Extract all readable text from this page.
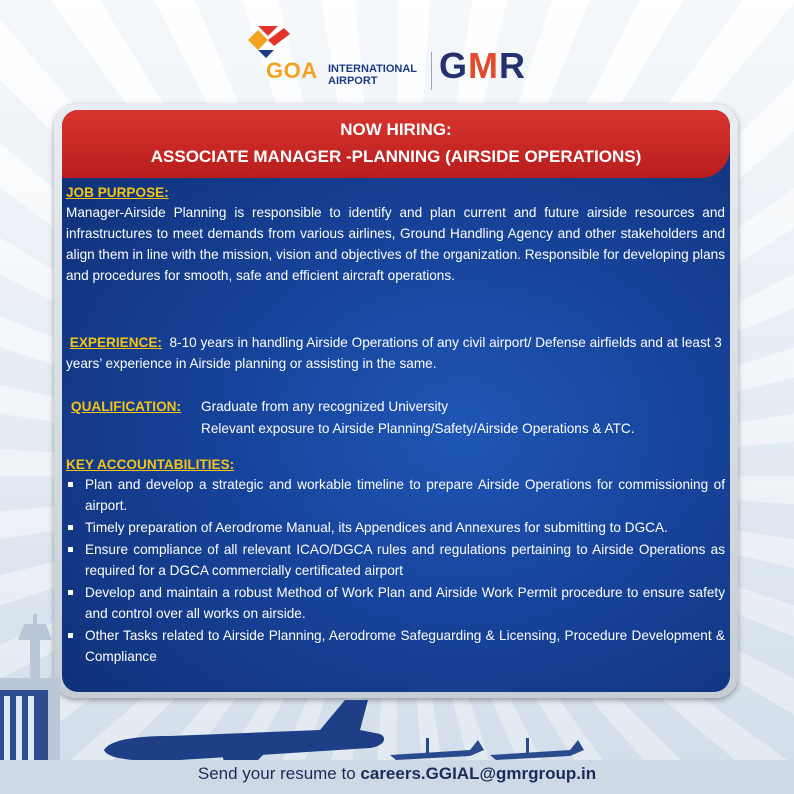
GOA INTERNATIONAL
AIRPORT	GMR
NOW HIRING:
ASSOCIATE MANAGER -PLANNING (AIRSIDE OPERATIONS)
JOB PURPOSE:
Manager-Airside Planning is responsible to identify and plan current and future airside resources and infrastructures to meet demands from various airlines, Ground Handling Agency and other stakeholders and align them in line with the mission, vision and objectives of the organization. Responsible for developing plans and procedures for smooth, safe and efficient aircraft operations.
EXPERIENCE: 8-10 years in handling Airside Operations of any civil airport/ Defense airfields and at least 3 years’ experience in Airside planning or assisting in the same.
QUALIFICATION: Graduate from any recognized University
Relevant exposure to Airside Planning/Safety/Airside Operations & ATC.
KEY ACCOUNTABILITIES:
Plan and develop a strategic and workable timeline to prepare Airside Operations for commissioning of airport.
Timely preparation of Aerodrome Manual, its Appendices and Annexures for submitting to DGCA.
Ensure compliance of all relevant ICAO/DGCA rules and regulations pertaining to Airside Operations as required for a DGCA commercially certificated airport
Develop and maintain a robust Method of Work Plan and Airside Work Permit procedure to ensure safety and control over all works on airside.
Other Tasks related to Airside Planning, Aerodrome Safeguarding & Licensing, Procedure Development & Compliance
Send your resume to careers.GGIAL@gmrgroup.in
